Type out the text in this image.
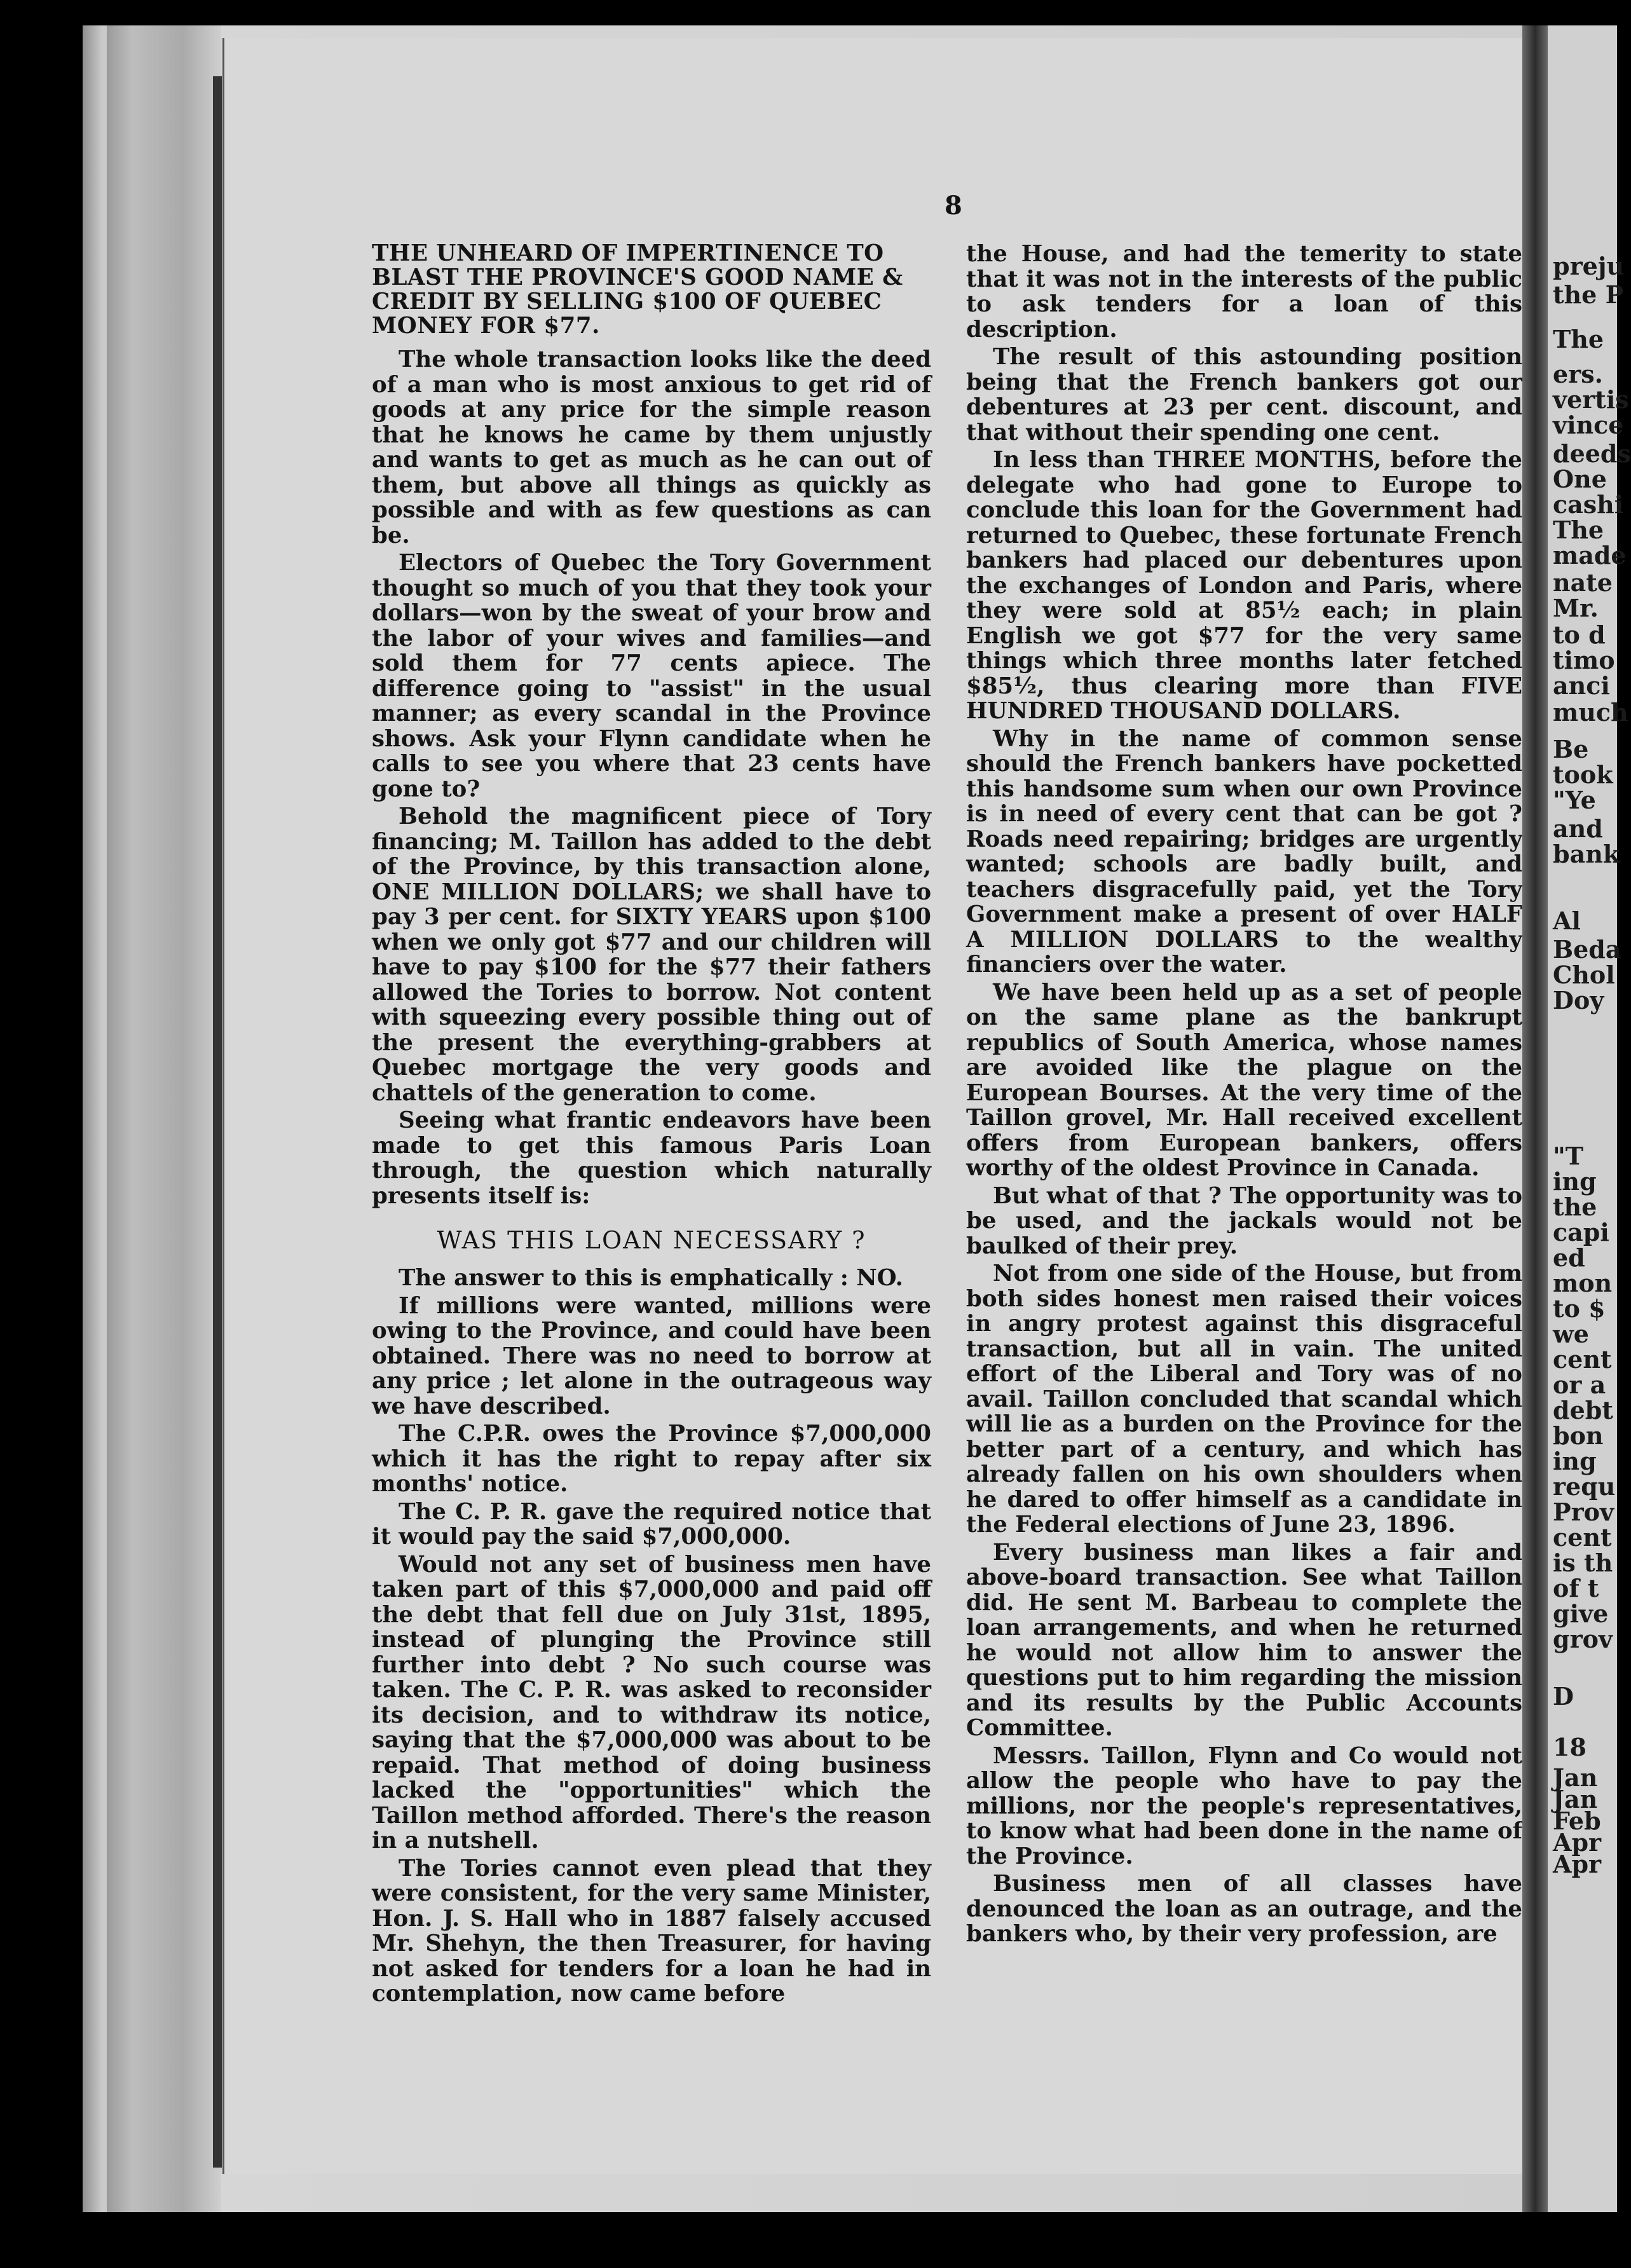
8
THE UNHEARD OF IMPERTINENCE TO BLAST THE PROVINCE'S GOOD NAME & CREDIT BY SELLING $100 OF QUEBEC MONEY FOR $77.

The whole transaction looks like the deed of a man who is most anxious to get rid of goods at any price for the simple reason that he knows he came by them unjustly and wants to get as much as he can out of them, but above all things as quickly as possible and with as few questions as can be.

Electors of Quebec the Tory Government thought so much of you that they took your dollars—won by the sweat of your brow and the labor of your wives and families—and sold them for 77 cents apiece. The difference going to "assist" in the usual manner; as every scandal in the Province shows. Ask your Flynn candidate when he calls to see you where that 23 cents have gone to?

Behold the magnificent piece of Tory financing; M. Taillon has added to the debt of the Province, by this transaction alone, ONE MILLION DOLLARS; we shall have to pay 3 per cent. for SIXTY YEARS upon $100 when we only got $77 and our children will have to pay $100 for the $77 their fathers allowed the Tories to borrow. Not content with squeezing every possible thing out of the present the everything-grabbers at Quebec mortgage the very goods and chattels of the generation to come.

Seeing what frantic endeavors have been made to get this famous Paris Loan through, the question which naturally presents itself is:

WAS THIS LOAN NECESSARY ?

The answer to this is emphatically : NO.

If millions were wanted, millions were owing to the Province, and could have been obtained. There was no need to borrow at any price ; let alone in the outrageous way we have described.

The C.P.R. owes the Province $7,000,000 which it has the right to repay after six months' notice.

The C. P. R. gave the required notice that it would pay the said $7,000,000.

Would not any set of business men have taken part of this $7,000,000 and paid off the debt that fell due on July 31st, 1895, instead of plunging the Province still further into debt ? No such course was taken. The C. P. R. was asked to reconsider its decision, and to withdraw its notice, saying that the $7,000,000 was about to be repaid. That method of doing business lacked the "opportunities" which the Taillon method afforded. There's the reason in a nutshell.

The Tories cannot even plead that they were consistent, for the very same Minister, Hon. J. S. Hall who in 1887 falsely accused Mr. Shehyn, the then Treasurer, for having not asked for tenders for a loan he had in contemplation, now came before

the House, and had the temerity to state that it was not in the interests of the public to ask tenders for a loan of this description.

The result of this astounding position being that the French bankers got our debentures at 23 per cent. discount, and that without their spending one cent.

In less than THREE MONTHS, before the delegate who had gone to Europe to conclude this loan for the Government had returned to Quebec, these fortunate French bankers had placed our debentures upon the exchanges of London and Paris, where they were sold at 85½ each; in plain English we got $77 for the very same things which three months later fetched $85½, thus clearing more than FIVE HUNDRED THOUSAND DOLLARS.

Why in the name of common sense should the French bankers have pocketted this handsome sum when our own Province is in need of every cent that can be got ? Roads need repairing; bridges are urgently wanted; schools are badly built, and teachers disgracefully paid, yet the Tory Government make a present of over HALF A MILLION DOLLARS to the wealthy financiers over the water.

We have been held up as a set of people on the same plane as the bankrupt republics of South America, whose names are avoided like the plague on the European Bourses. At the very time of the Taillon grovel, Mr. Hall received excellent offers from European bankers, offers worthy of the oldest Province in Canada.

But what of that ? The opportunity was to be used, and the jackals would not be baulked of their prey.

Not from one side of the House, but from both sides honest men raised their voices in angry protest against this disgraceful transaction, but all in vain. The united effort of the Liberal and Tory was of no avail. Taillon concluded that scandal which will lie as a burden on the Province for the better part of a century, and which has already fallen on his own shoulders when he dared to offer himself as a candidate in the Federal elections of June 23, 1896.

Every business man likes a fair and above-board transaction. See what Taillon did. He sent M. Barbeau to complete the loan arrangements, and when he returned he would not allow him to answer the questions put to him regarding the mission and its results by the Public Accounts Committee.

Messrs. Taillon, Flynn and Co would not allow the people who have to pay the millions, nor the people's representatives, to know what had been done in the name of the Province.

Business men of all classes have denounced the loan as an outrage, and the bankers who, by their very profession, are

preju
the P
The
ers.
vertis
vince
deeds
One
cashi
The
made
nate
Mr.
to d
timo
anci
much
Be
took
"Ye
and
bank
Al
Beda
Chol
Doy
"T
ing
the
capi
ed
mon
to $
we
cent
or a
debt
bon
ing
requ
Prov
cent
is th
of t
give
grov
D
18
Jan
Jan
Feb
Apr
Apr
